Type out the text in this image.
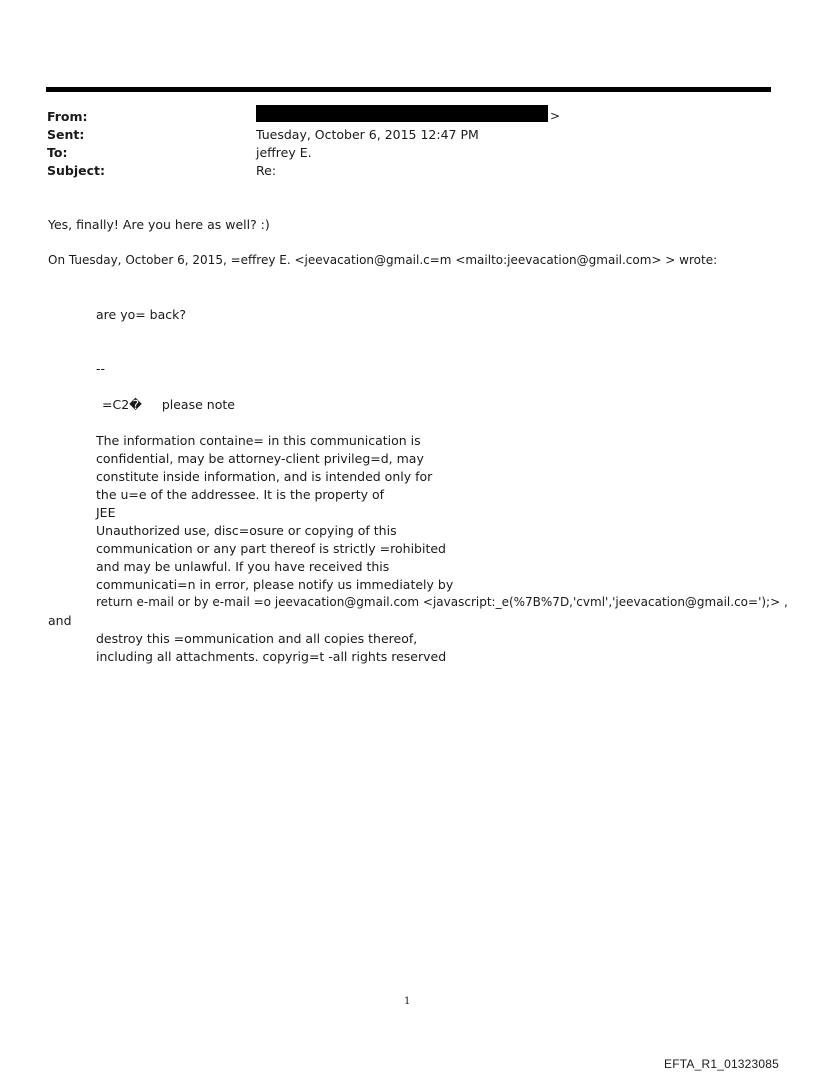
From:	>
Sent:	Tuesday, October 6, 2015 12:47 PM
To:	jeffrey E.
Subject:	Re:
Yes, finally! Are you here as well? :)
On Tuesday, October 6, 2015, =effrey E. <jeevacation@gmail.c=m <mailto:jeevacation@gmail.com> > wrote:
are yo= back?
--
=C2�     please note
The information containe= in this communication is
confidential, may be attorney-client privileg=d, may
constitute inside information, and is intended only for
the u=e of the addressee. It is the property of
JEE
Unauthorized use, disc=osure or copying of this
communication or any part thereof is strictly =rohibited
and may be unlawful. If you have received this
communicati=n in error, please notify us immediately by
return e-mail or by e-mail =o jeevacation@gmail.com <javascript:_e(%7B%7D,'cvml','jeevacation@gmail.co=');> ,
and
destroy this =ommunication and all copies thereof,
including all attachments. copyrig=t -all rights reserved
1
EFTA_R1_01323085
